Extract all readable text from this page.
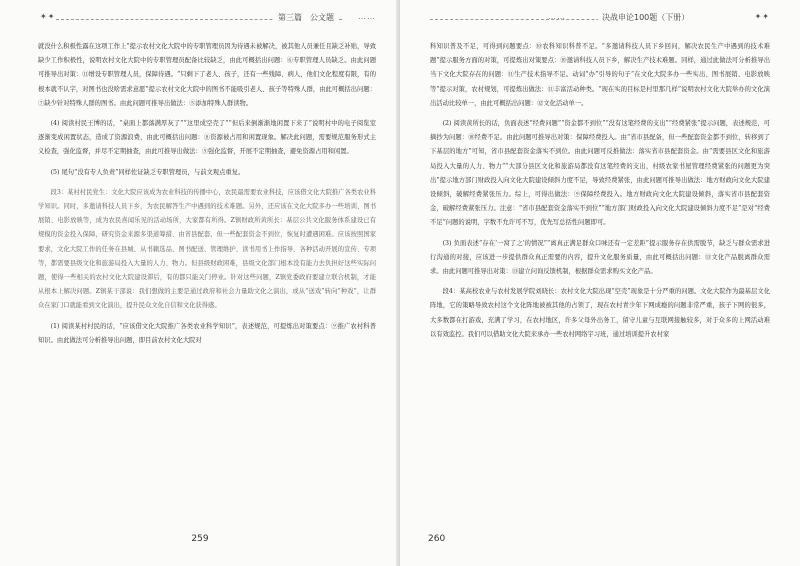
✦✦	第三篇　公文题	……

就没什么积极性露在这项工作上”提示农村文化大院中的专职管理员因为待遇未被解决，被其他人员兼任且缺乏补贴，导致缺少工作积极性，说明农村文化大院中的专职管理员配备比较缺乏，由此可概括出问题：⑥专职管理人员缺乏。由此问题可推导出对策：⑪增设专职管理人员，保障待遇。“只剩下了老人、孩子，还有一些残障、病人，他们文化程度有限，有的根本就不认字，对图书也没啥需求意愿”提示农村文化大院中的图书不能吸引老人、孩子等特殊人群，由此可概括出问题：⑦缺少针对特殊人群的图书。由此问题可推导出做法：⑤添加特殊人群读物。

(4) 阅读村民王博的话，“桌面上都落满厚灰了”“这里成空壳了”“但后来倒渐渐地闲置下来了”说明村中的电子阅览室逐渐变成闲置状态，造成了资源浪费，由此可概括出问题：⑧资源被占用和闲置现象。解决此问题，需要规范服务形式主义检查，强化监督，并尽不定期抽查，由此可推导出做法：⑤强化监督，开展不定期抽查，避免资源占用和闲置。

(5) 尾句“没有专人负责”同样佐证缺乏专职管理员，与前文观点重复。

段3：某村村民党生：文化大院应该成为农业科技的传播中心，农民最需要农业科技，应该借文化大院推广各类农业科学知识。同时，多邀请科技人员下乡，为农民解答生产中遇到的技术难题。另外，还应该在文化大院多办一些培训、图书展销、电影放映等，成为农民喜闻乐见的活动场所，大家都有所得。Z镇财政所黄所长：基层公共文化服务体系建设已有规模的资金投入保障，研究资金来源多渠道筹措、由省县配套，但一些配套资金不到位，恢复时遭遇困难。应该按照国家要求，文化大院工作的任务在县城、从书籍选品、图书配送、管理维护、读书用书上作指导、各种活动开展的宣传、专项等，都需要县级文化和旅游局投入大量的人力、物力。但县级财政困难，县级文化部门根本没有能力去负担好这些实际问题，使得一些相关的农村文化大院建设滞后，有的都只能关门停业。针对这些问题，Z镇党委政府要建立联合机制，才能从根本上解决问题。Z镇某干部说：我们想做的主要是通过政府和社会力量助文化之演出，或从“送戏”转向“种戏”，让群众在家门口就能看到文化演出，提升民众文化自信和文化获得感。

(1) 阅读某村村民的话，“应该借文化大院推广各类农业科学知识”，表述规范，可提炼出对策要点：⑨推广农村科普知识。由此做法可分析推导出问题，即目前农村文化大院对

259
……	决战申论100题（下册）	✦✦

科知识普及不足，可得到问题要点：⑩农科知识科普不足。“多邀请科技人员下乡回问，解决农民生产中遇到的技术难题”提示服务方面的对策，可提炼出对策要点：⑩邀请科技人员下乡，解决生产技术难题。同样，通过此做法可分析推导出当下文化大院存在的问题：⑪生产技术指导不足。动词“办”引导的句子“在文化大院多办一些实出、图书展销、电影放映等”提示对策，农村规划，可提炼出做法：⑪丰富活动种类。“现在实的目标是村里那几样”说明农村文化大院举办的文化演出活动比较单一，由此可概括出问题：⑫文化活动单一。

(2) 阅读黄所长的话，负面表述“经费问题”“资金都不到位”“没有这笔经费的支出”“经费紧张”提示问题，表述规范，可摘抄为问题：⑩经费不足。由此问题可推导出对策：保障经费投入。由“省市县配备，但一些配套资金都不到位，转移到了下基层的地方”可知，省市县配套资金落实不到位。由此问题可反推做法：落实省市县配套资金。由“需要县区文化和旅游局投入大量的人力、物力”“大部分县区文化和旅游局都没有这笔经费的支出，村级农家书屋管理经费紧张的问题更为突出”提示地方部门财政投入向文化大院建设倾斜力度不足，导致经费紧张，由此问题可推导出做法：地方财政向文化大院建设倾斜，破解经费紧张压力。综上，可得出做法：⑨保障经费投入。地方财政向文化大院建设倾斜，落实省市县配套资金，破解经费紧张压力。注意：“省市县配套资金落实不到位”“地方部门财政投入向文化大院建设倾斜力度不足”是对“经费不足”问题的说明，字数不允许可不写，优先写总括性问题即可。

(3) 负面表述“存在‘一窝了之’的情况”“离真正满足群众口味还有一定差距”提示服务存在供需脱节，缺乏与群众需求进行沟通的对接，应该进一步提供群众真正需要的内容，提升文化服务质量，由此可概括出问题：⑬文化产品脱离群众需求。由此问题可推导出对策：⑬建立问询反馈机制，根据群众需求购买文化产品。

段4：某高校农业与农村发展学院刘晓长：农村文化大院出现“空壳”现象是十分严重的问题。文化大院作为最基层文化阵地，它的策略导致农村这个文化阵地被被其他的占领了，现在农村青少年下网成瘾的问题非常严重，孩子下网的很多，大多数都在打游戏，充满了学习，在农村地区，许多父母外出务工，留守儿童与互联网接触较多，对于众多的上网活动难以有效监控。我们可以借助文化大院来承办一些农村网络宇习班，通过培训提升农村家

260
